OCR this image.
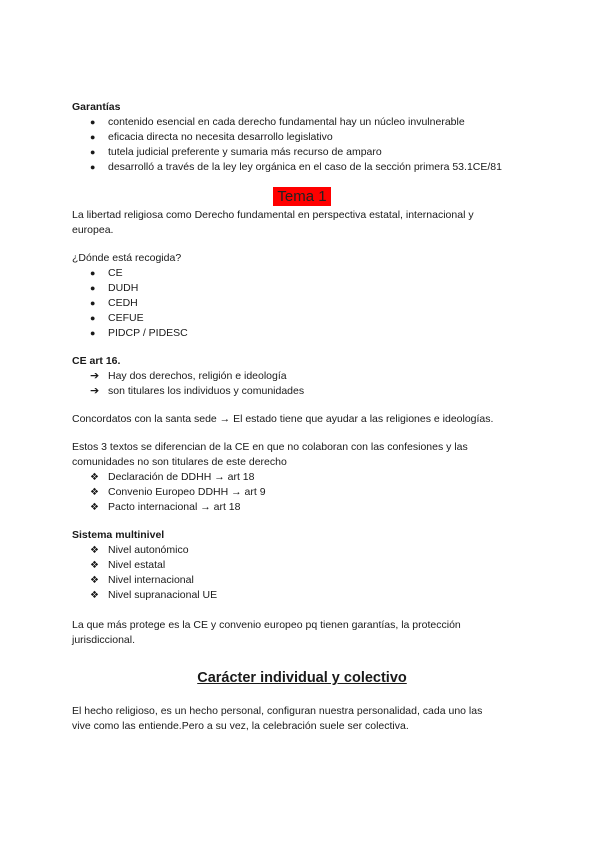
Garantías

●	contenido esencial en cada derecho fundamental hay un núcleo invulnerable
●	eficacia directa no necesita desarrollo legislativo
●	tutela judicial preferente y sumaria más recurso de amparo
●	desarrolló a través de la ley ley orgánica en el caso de la sección primera 53.1CE/81
Tema 1

La libertad religiosa como Derecho fundamental en perspectiva estatal, internacional y

europea.

¿Dónde está recogida?

●	CE
●	DUDH
●	CEDH
●	CEFUE
●	PIDCP / PIDESC

CE art 16.

➔ Hay dos derechos, religión e ideología
➔ son titulares los individuos y comunidades

Concordatos con la santa sede → El estado tiene que ayudar a las religiones e ideologías.

Estos 3 textos se diferencian de la CE en que no colaboran con las confesiones y las

comunidades no son titulares de este derecho

❖ Declaración de DDHH → art 18
❖ Convenio Europeo DDHH → art 9
❖ Pacto internacional → art 18

Sistema multinivel

❖ Nivel autonómico
❖ Nivel estatal
❖ Nivel internacional
❖ Nivel supranacional UE

La que más protege es la CE y convenio europeo pq tienen garantías, la protección

jurisdiccional.

Carácter individual y colectivo

El hecho religioso, es un hecho personal, configuran nuestra personalidad, cada uno las

vive como las entiende.Pero a su vez, la celebración suele ser colectiva.
